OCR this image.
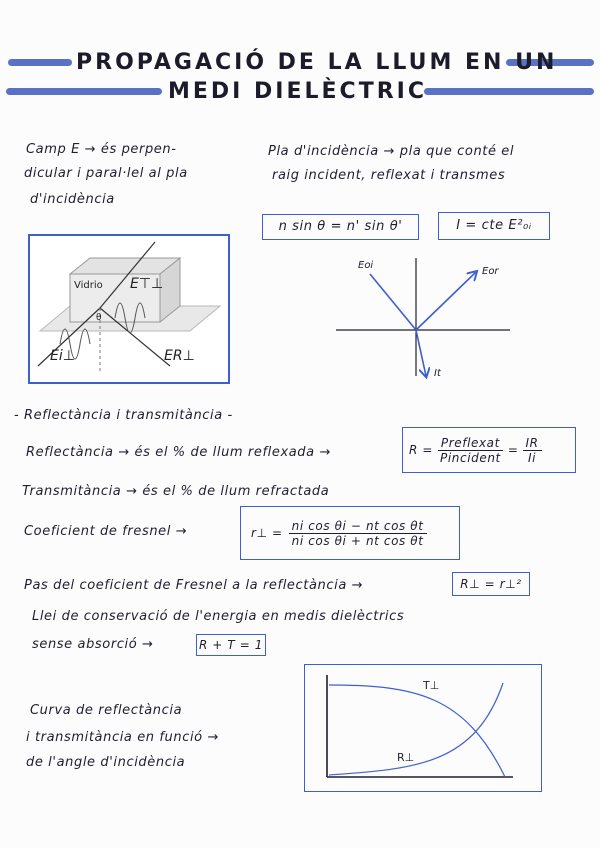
PROPAGACIÓ DE LA LLUM EN UN
MEDI DIELÈCTRIC
Camp E → és perpen-
dicular i paral·lel al pla
d'incidència
Pla d'incidència → pla que conté el
raig incident, reflexat i transmes
n sin θ = n' sin θ'	I = cte E²₀ᵢ
Vidrio
θ
E⊤⊥
Ei⊥	ER⊥
Eoi
Eor
It
- Reflectància i transmitància -
Reflectància → és el % de llum reflexada →	$R = \frac{\text{Preflexat}}{\text{Pincident}} = \frac{IR}{Ii}$
Transmitància → és el % de llum refractada
Coeficient de fresnel →	r⊥ = $\frac{\text{ni cos θi − nt cos θt}}{\text{ni cos θi + nt cos θt}}$
Pas del coeficient de Fresnel a la reflectància →	R⊥ = r⊥²
Llei de conservació de l'energia en medis dielèctrics
sense absorció →	R + T = 1
Curva de reflectància
i transmitància en funció →
de l'angle d'incidència
T⊥
R⊥
